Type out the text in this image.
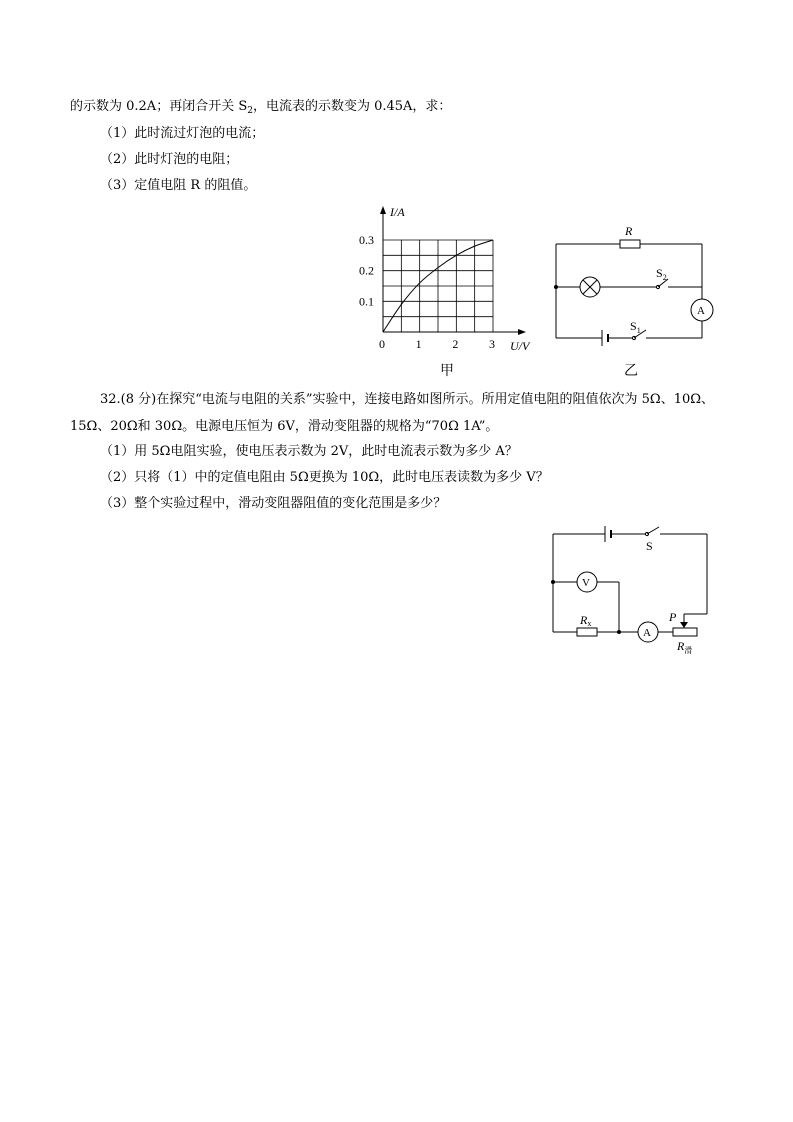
的示数为 0.2A；再闭合开关 $S_2$，电流表的示数变为 0.45A，求：
（1）此时流过灯泡的电流；
（2）此时灯泡的电阻；
（3）定值电阻 R 的阻值。
0	1	2	3
0.1
0.2
0.3
I/A
U/V
甲
R
$S_2$
A
$S_1$
乙
32.(8 分)在探究“电流与电阻的关系”实验中，连接电路如图所示。所用定值电阻的阻值依次为 5Ω、10Ω、
15Ω、20Ω和 30Ω。电源电压恒为 6V，滑动变阻器的规格为“70Ω 1A”。
（1）用 5Ω电阻实验，使电压表示数为 2V，此时电流表示数为多少 A？
（2）只将（1）中的定值电阻由 5Ω更换为 10Ω，此时电压表读数为多少 V？
（3）整个实验过程中，滑动变阻器阻值的变化范围是多少？
S
V
Rx
A
P
$R_滑$
